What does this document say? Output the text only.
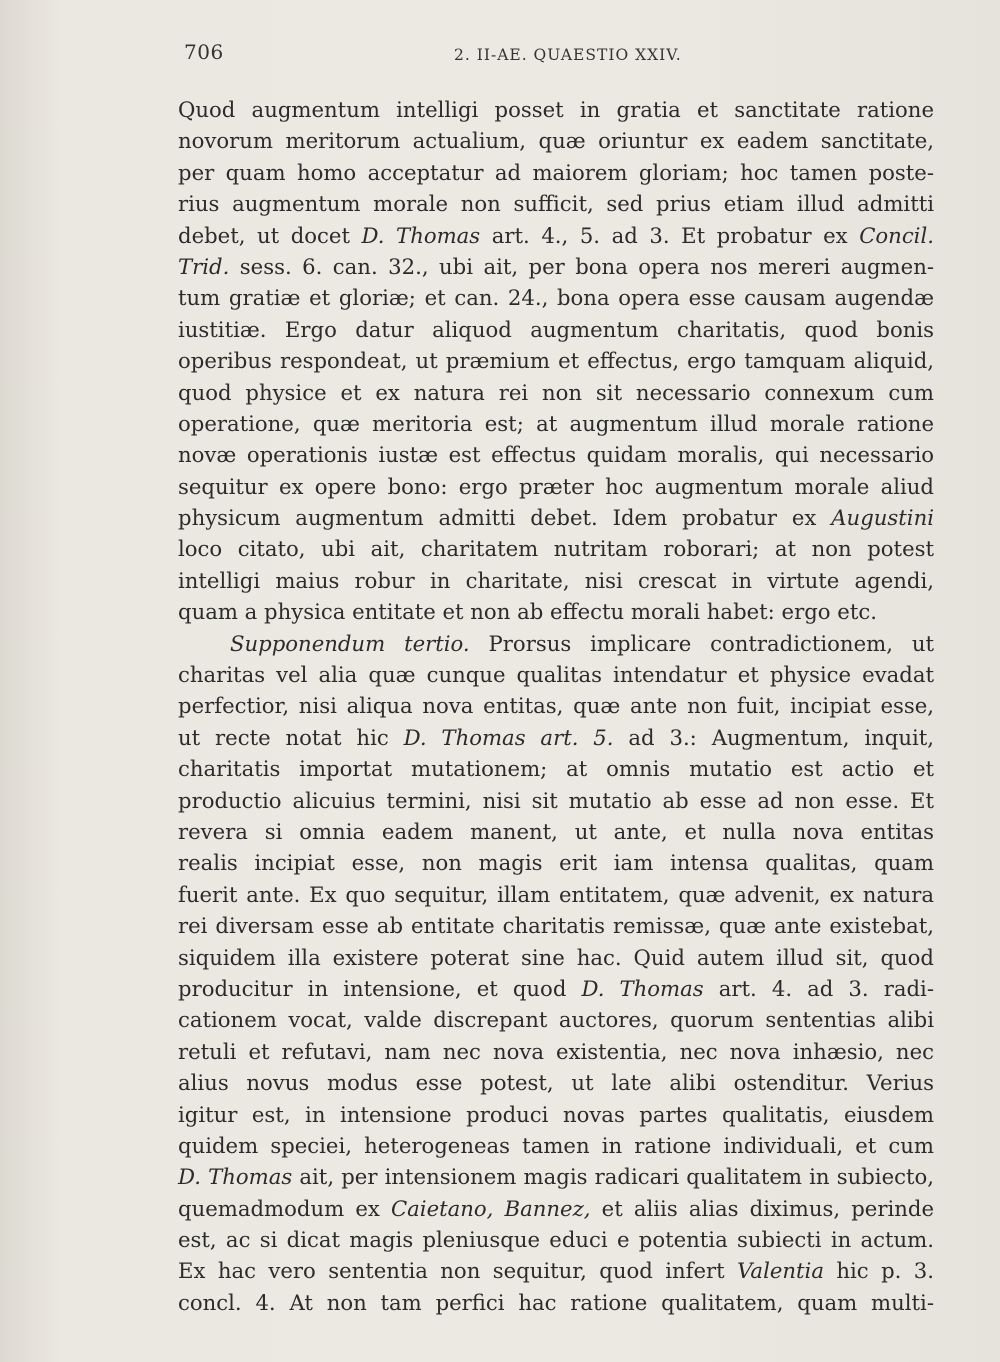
706	2. II-AE. QUAESTIO XXIV.
Quod augmentum intelligi posset in gratia et sanctitate ratione
novorum meritorum actualium, quæ oriuntur ex eadem sanctitate,
per quam homo acceptatur ad maiorem gloriam; hoc tamen poste-
rius augmentum morale non sufficit, sed prius etiam illud admitti
debet, ut docet D. Thomas art. 4., 5. ad 3. Et probatur ex Concil.
Trid. sess. 6. can. 32., ubi ait, per bona opera nos mereri augmen-
tum gratiæ et gloriæ; et can. 24., bona opera esse causam augendæ
iustitiæ. Ergo datur aliquod augmentum charitatis, quod bonis
operibus respondeat, ut præmium et effectus, ergo tamquam aliquid,
quod physice et ex natura rei non sit necessario connexum cum
operatione, quæ meritoria est; at augmentum illud morale ratione
novæ operationis iustæ est effectus quidam moralis, qui necessario
sequitur ex opere bono: ergo præter hoc augmentum morale aliud
physicum augmentum admitti debet. Idem probatur ex Augustini
loco citato, ubi ait, charitatem nutritam roborari; at non potest
intelligi maius robur in charitate, nisi crescat in virtute agendi,
quam a physica entitate et non ab effectu morali habet: ergo etc.
Supponendum tertio. Prorsus implicare contradictionem, ut
charitas vel alia quæ cunque qualitas intendatur et physice evadat
perfectior, nisi aliqua nova entitas, quæ ante non fuit, incipiat esse,
ut recte notat hic D. Thomas art. 5. ad 3.: Augmentum, inquit,
charitatis importat mutationem; at omnis mutatio est actio et
productio alicuius termini, nisi sit mutatio ab esse ad non esse. Et
revera si omnia eadem manent, ut ante, et nulla nova entitas
realis incipiat esse, non magis erit iam intensa qualitas, quam
fuerit ante. Ex quo sequitur, illam entitatem, quæ advenit, ex natura
rei diversam esse ab entitate charitatis remissæ, quæ ante existebat,
siquidem illa existere poterat sine hac. Quid autem illud sit, quod
producitur in intensione, et quod D. Thomas art. 4. ad 3. radi-
cationem vocat, valde discrepant auctores, quorum sententias alibi
retuli et refutavi, nam nec nova existentia, nec nova inhæsio, nec
alius novus modus esse potest, ut late alibi ostenditur. Verius
igitur est, in intensione produci novas partes qualitatis, eiusdem
quidem speciei, heterogeneas tamen in ratione individuali, et cum
D. Thomas ait, per intensionem magis radicari qualitatem in subiecto,
quemadmodum ex Caietano, Bannez, et aliis alias diximus, perinde
est, ac si dicat magis pleniusque educi e potentia subiecti in actum.
Ex hac vero sententia non sequitur, quod infert Valentia hic p. 3.
concl. 4. At non tam perfici hac ratione qualitatem, quam multi-
